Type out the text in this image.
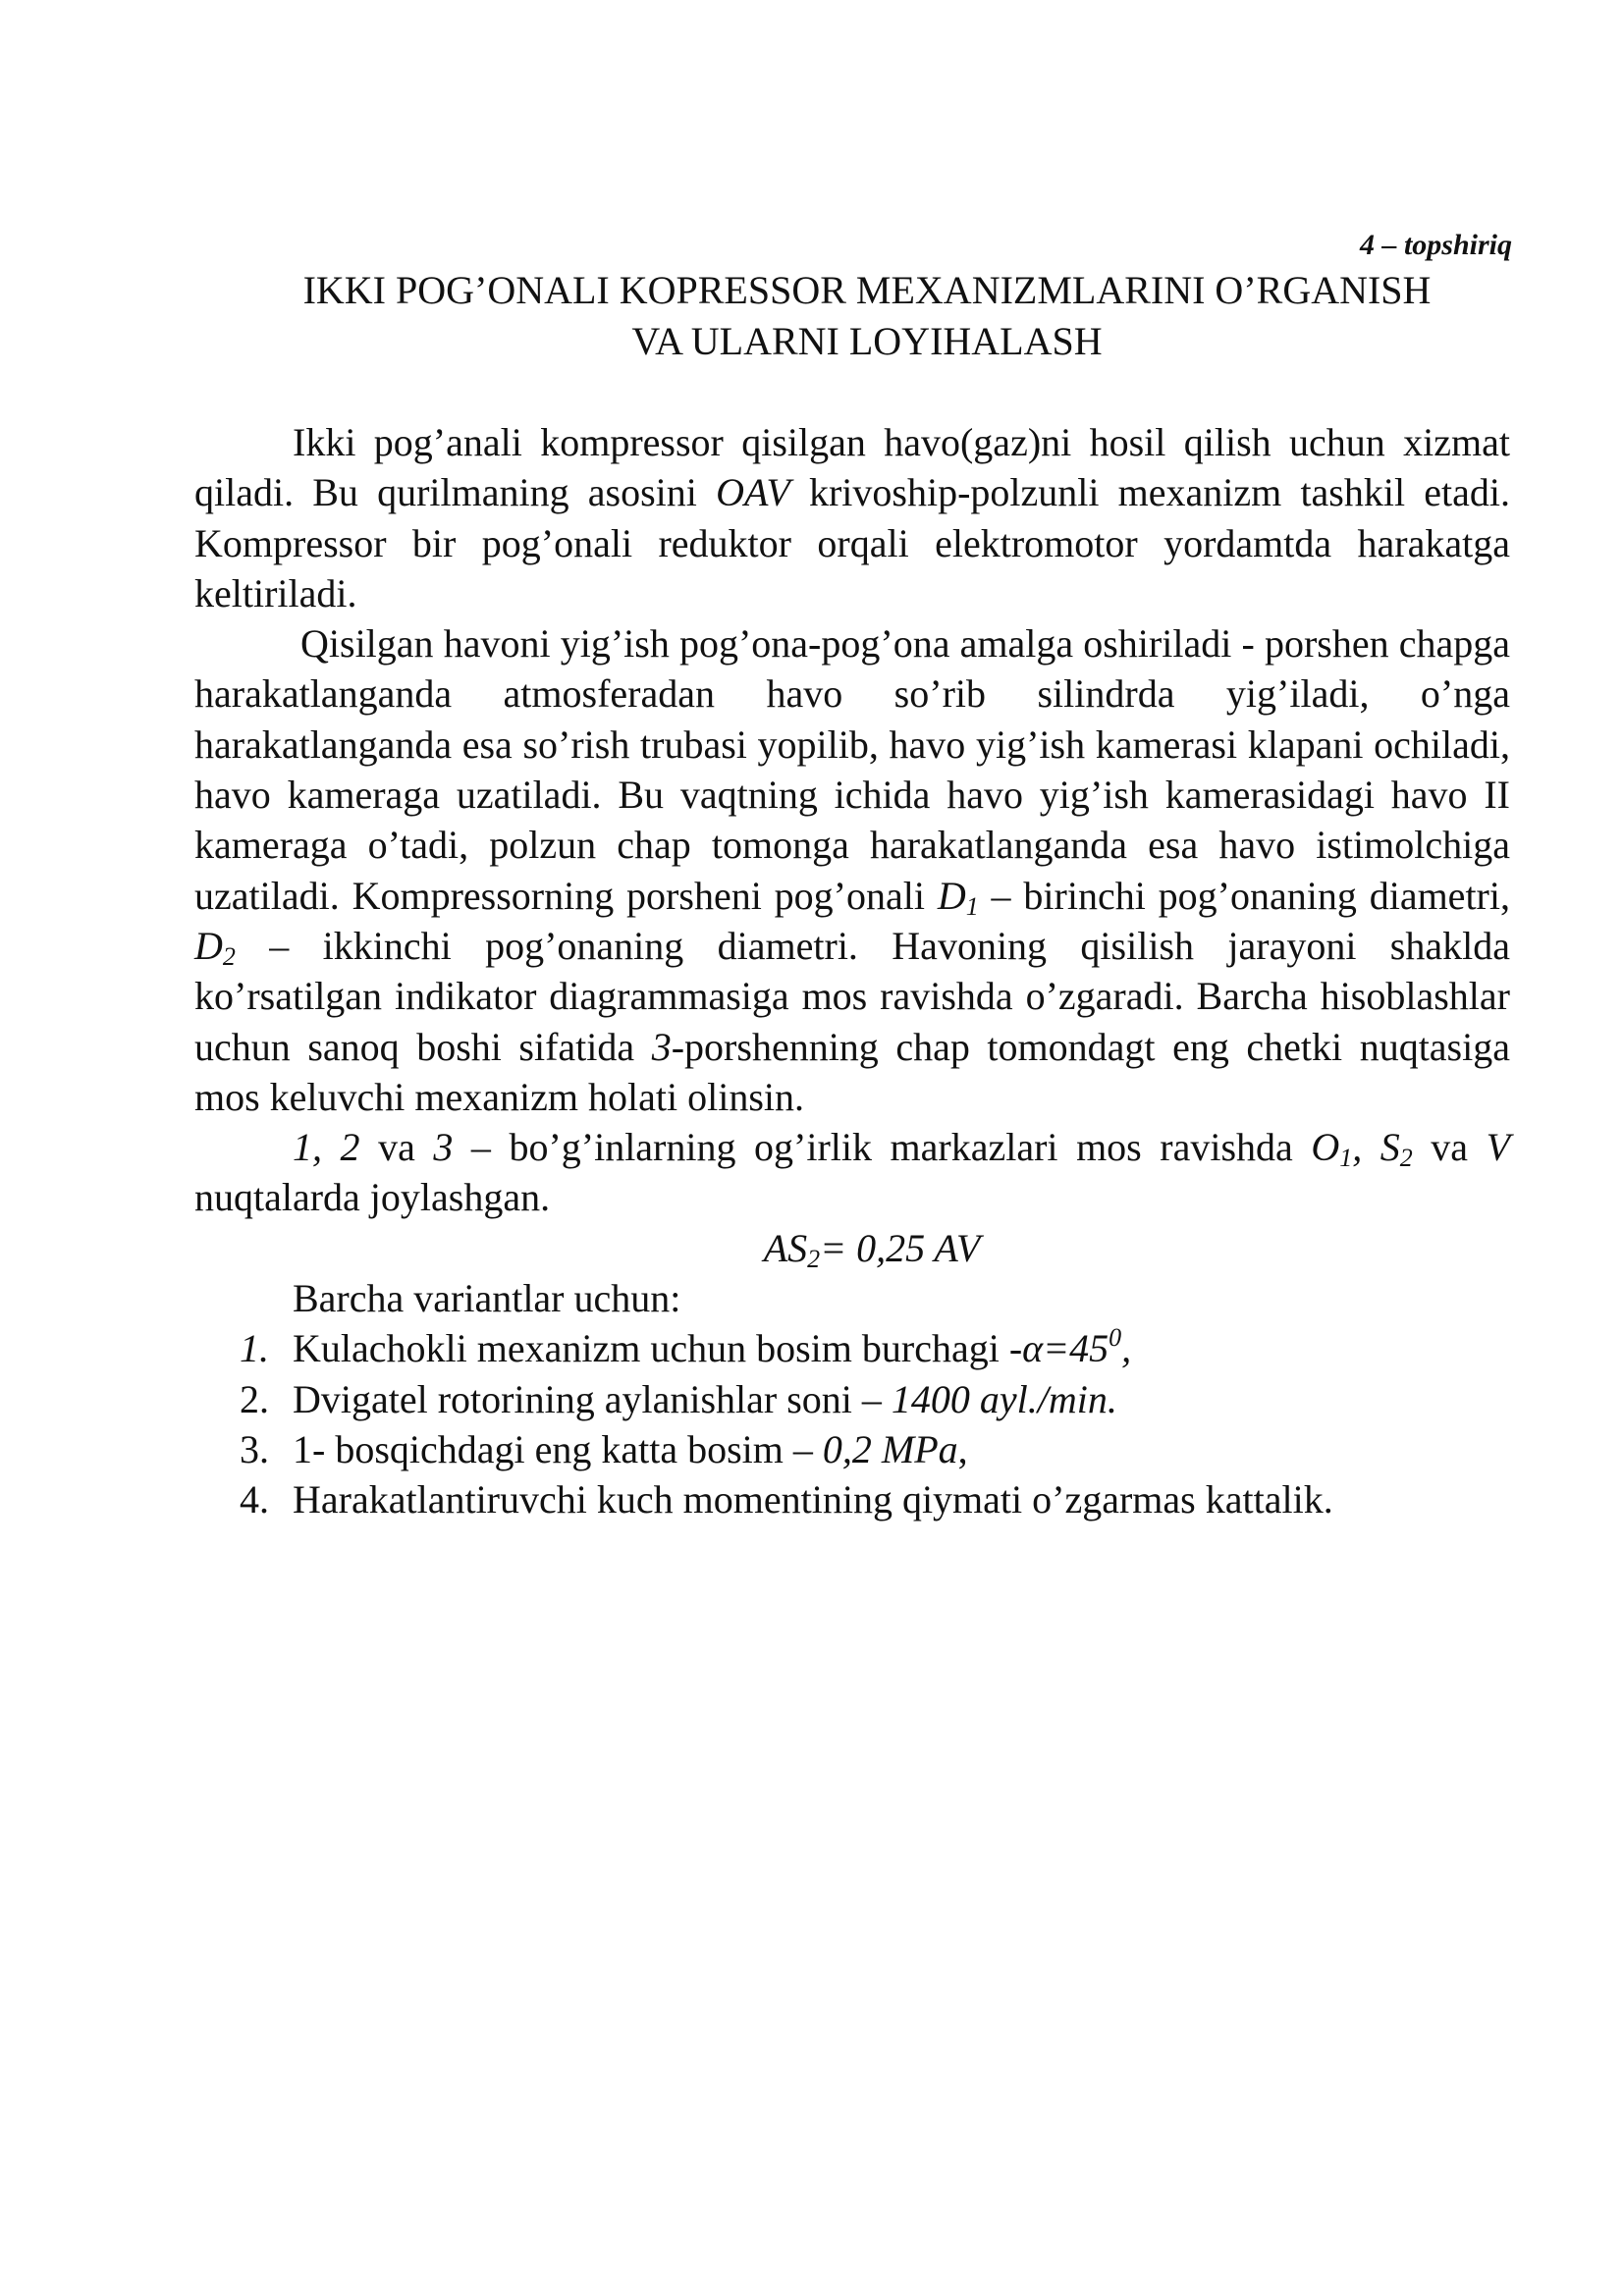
4 – topshiriq
IKKI POG’ONALI KOPRESSOR MEXANIZMLARINI O’RGANISH
VA ULARNI LOYIHALASH

Ikki pog’anali kompressor qisilgan havo(gaz)ni hosil qilish uchun xizmat qiladi. Bu qurilmaning asosini OAV krivoship-polzunli mexanizm tashkil etadi. Kompressor bir pog’onali reduktor orqali elektromotor yordamtda harakatga keltiriladi.

Qisilgan havoni yig’ish pog’ona-pog’ona amalga oshiriladi - porshen chapga harakatlanganda atmosferadan havo so’rib silindrda yig’iladi, o’nga harakatlanganda esa so’rish trubasi yopilib, havo yig’ish kamerasi klapani ochiladi, havo kameraga uzatiladi. Bu vaqtning ichida havo yig’ish kamerasidagi havo II kameraga o’tadi, polzun chap tomonga harakatlanganda esa havo istimolchiga uzatiladi. Kompressorning porsheni pog’onali $D_1$ – birinchi pog’onaning diametri, $D_2$ – ikkinchi pog’onaning diametri. Havoning qisilish jarayoni shaklda ko’rsatilgan indikator diagrammasiga mos ravishda o’zgaradi. Barcha hisoblashlar uchun sanoq boshi sifatida 3-porshenning chap tomondagt eng chetki nuqtasiga mos keluvchi mexanizm holati olinsin.

1, 2 va 3 – bo’g’inlarning og’irlik markazlari mos ravishda $O_1$, $S_2$ va V nuqtalarda joylashgan.

$AS_2= 0,25$ AV

Barcha variantlar uchun:

1. Kulachokli mexanizm uchun bosim burchagi $-\alpha=45^0$,
2. Dvigatel rotorining aylanishlar soni – 1400 ayl./min.
3. 1- bosqichdagi eng katta bosim – 0,2 MPa,
4. Harakatlantiruvchi kuch momentining qiymati o’zgarmas kattalik.
